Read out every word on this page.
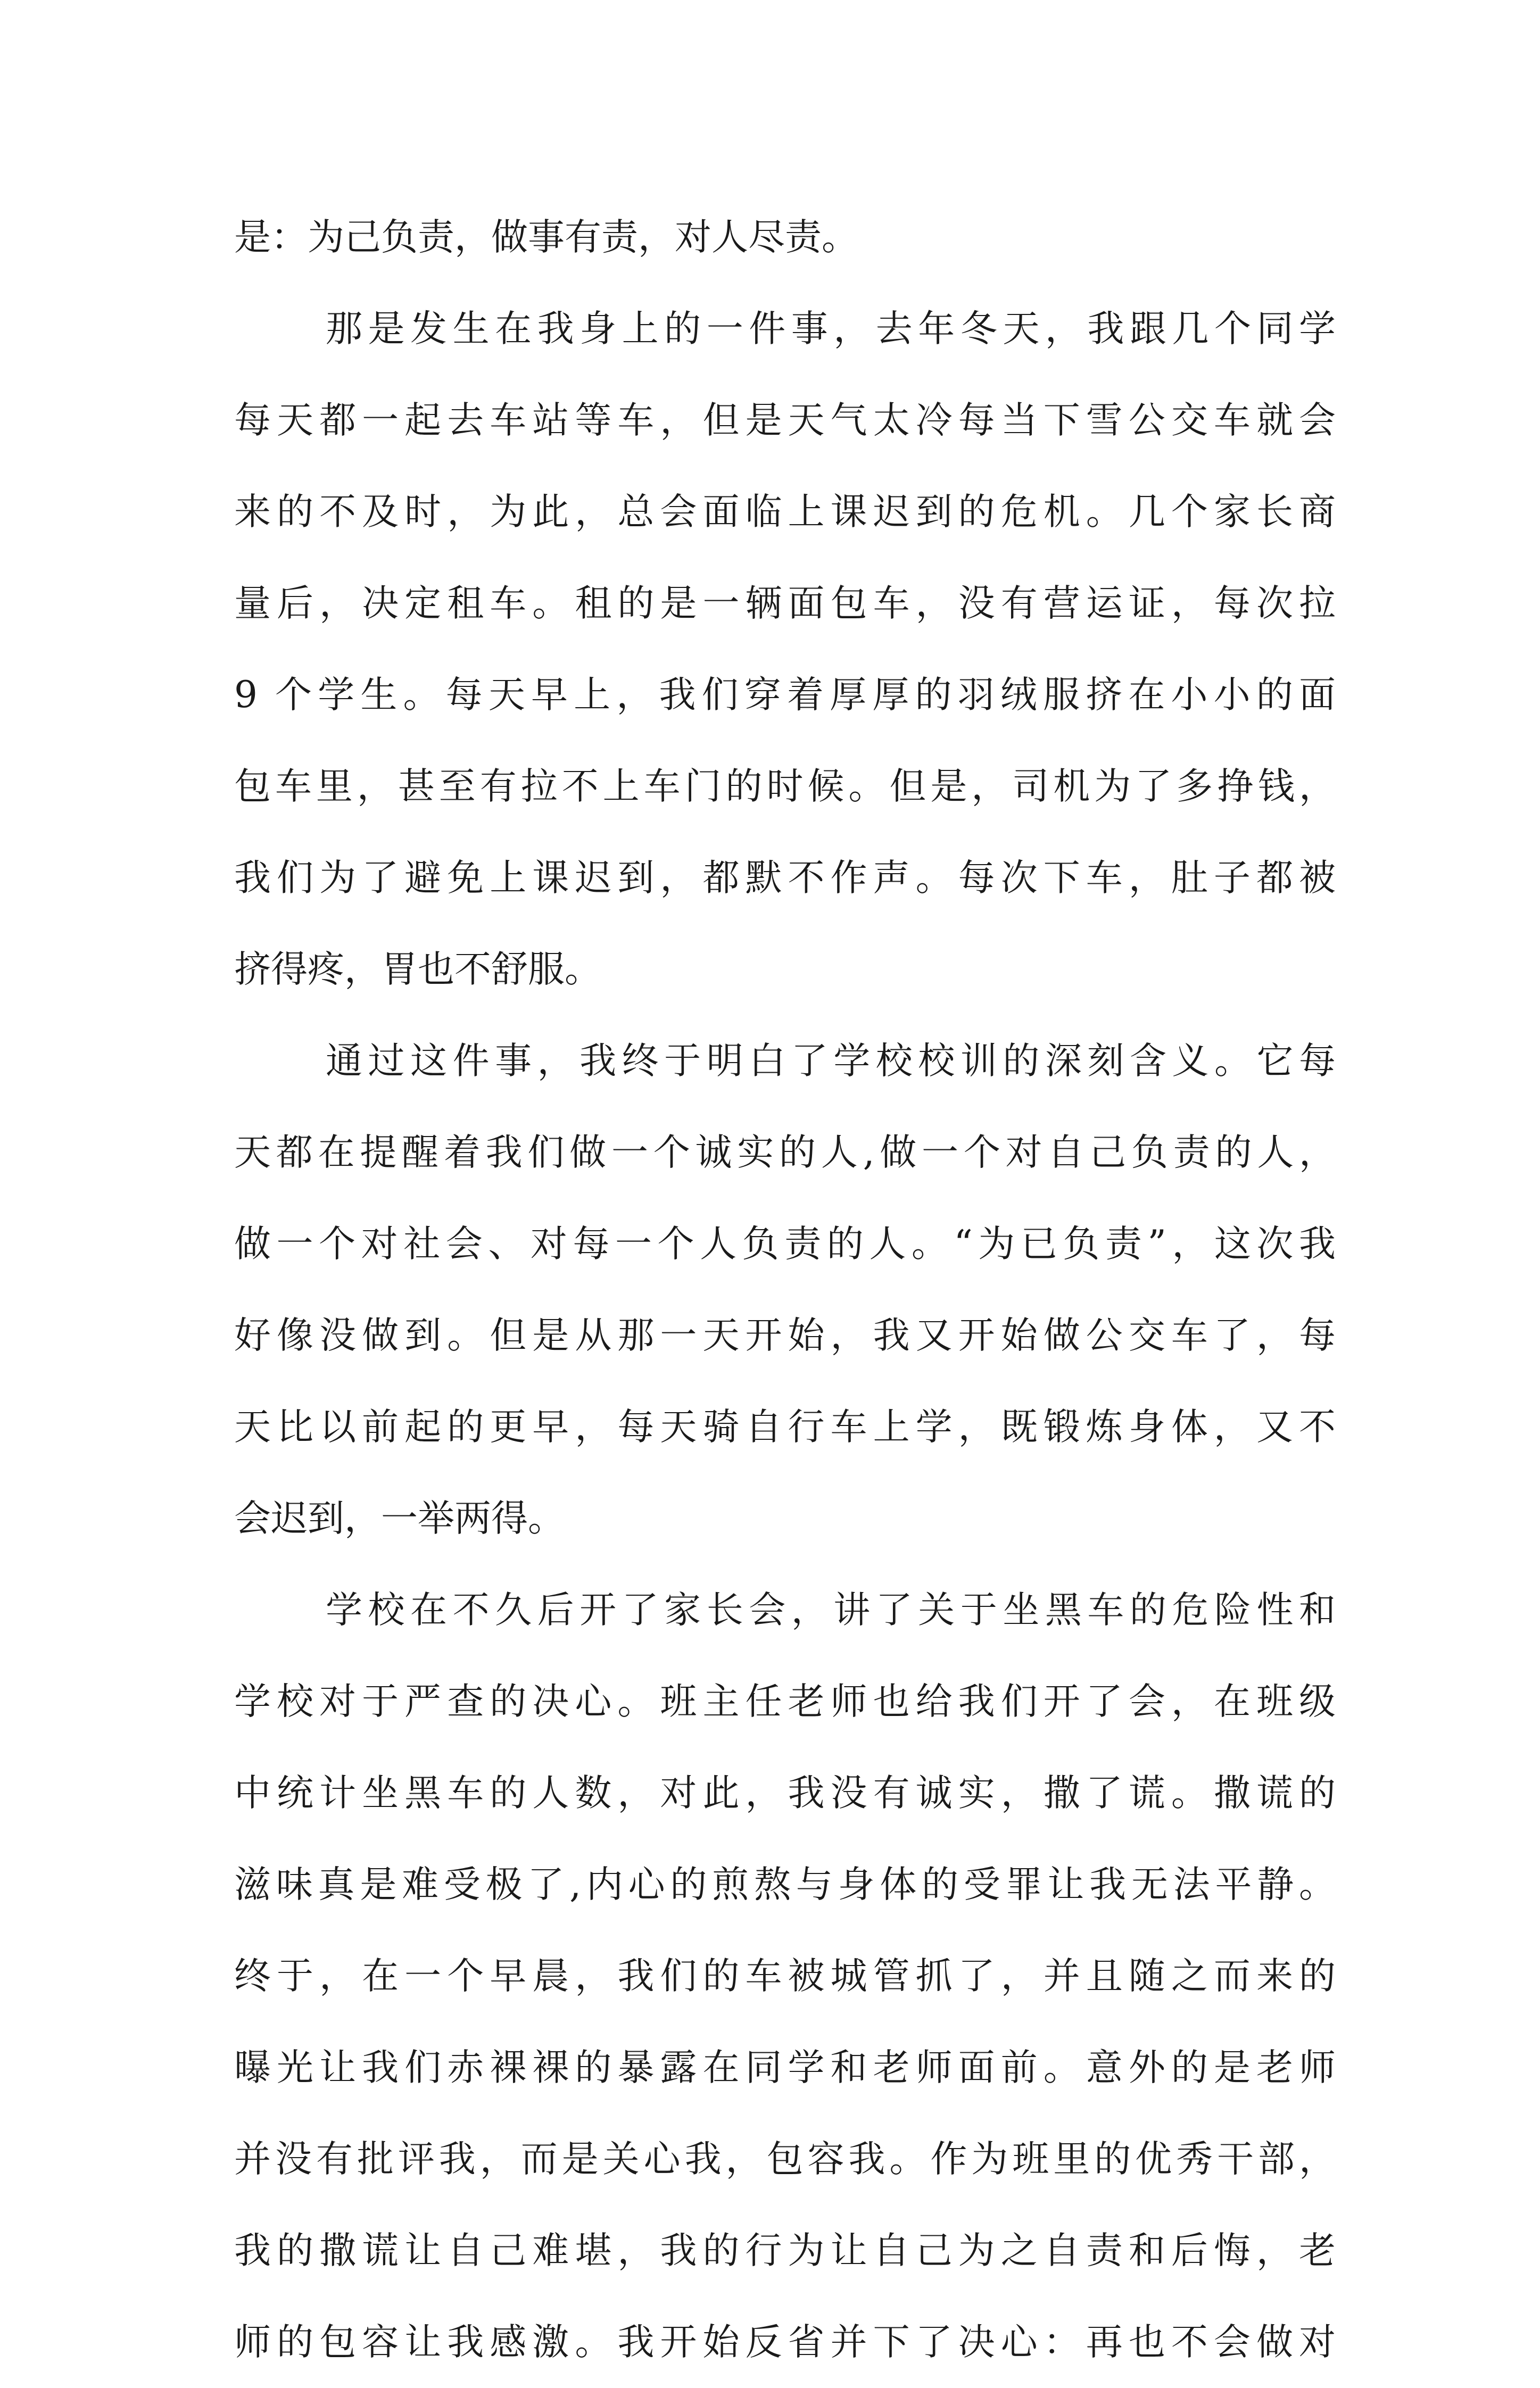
是：为己负责，做事有责，对人尽责。
那是发生在我身上的一件事，去年冬天，我跟几个同学
每天都一起去车站等车，但是天气太冷每当下雪公交车就会
来的不及时，为此，总会面临上课迟到的危机。几个家长商
量后，决定租车。租的是一辆面包车，没有营运证，每次拉
9 个学生。每天早上，我们穿着厚厚的羽绒服挤在小小的面
包车里，甚至有拉不上车门的时候。但是，司机为了多挣钱，
我们为了避免上课迟到，都默不作声。每次下车，肚子都被
挤得疼，胃也不舒服。
通过这件事，我终于明白了学校校训的深刻含义。它每
天都在提醒着我们做一个诚实的人,做一个对自己负责的人，
做一个对社会、对每一个人负责的人。“为已负责”，这次我
好像没做到。但是从那一天开始，我又开始做公交车了，每
天比以前起的更早，每天骑自行车上学，既锻炼身体，又不
会迟到，一举两得。
学校在不久后开了家长会，讲了关于坐黑车的危险性和
学校对于严查的决心。班主任老师也给我们开了会，在班级
中统计坐黑车的人数，对此，我没有诚实，撒了谎。撒谎的
滋味真是难受极了,内心的煎熬与身体的受罪让我无法平静。
终于，在一个早晨，我们的车被城管抓了，并且随之而来的
曝光让我们赤裸裸的暴露在同学和老师面前。意外的是老师
并没有批评我，而是关心我，包容我。作为班里的优秀干部，
我的撒谎让自己难堪，我的行为让自己为之自责和后悔，老
师的包容让我感激。我开始反省并下了决心：再也不会做对
